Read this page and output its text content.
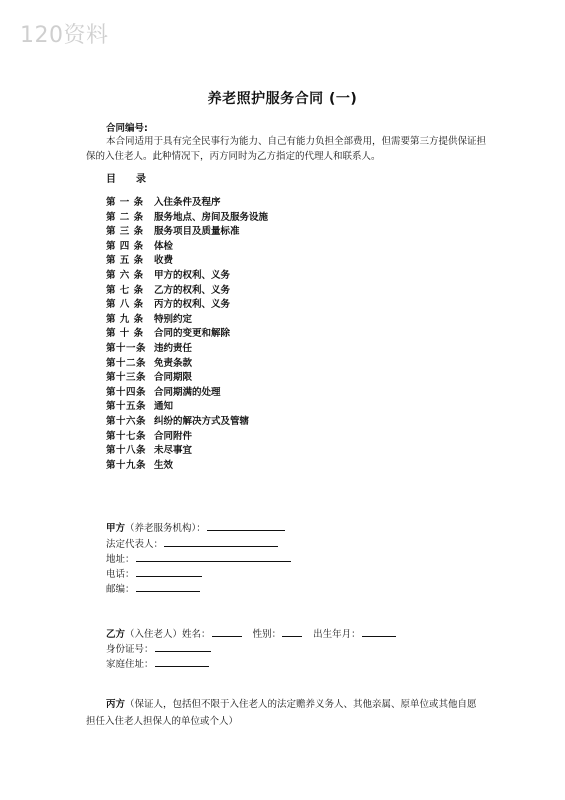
120资料
养老照护服务合同 (一)
合同编号:
本合同适用于具有完全民事行为能力、自己有能力负担全部费用，但需要第三方提供保证担保的入住老人。此种情况下，丙方同时为乙方指定的代理人和联系人。
目录
第 一 条 入住条件及程序
第 二 条 服务地点、房间及服务设施
第 三 条 服务项目及质量标准
第 四 条 体检
第 五 条 收费
第 六 条 甲方的权利、义务
第 七 条 乙方的权利、义务
第 八 条 丙方的权利、义务
第 九 条 特别约定
第 十 条 合同的变更和解除
第十一条 违约责任
第十二条 免责条款
第十三条 合同期限
第十四条 合同期满的处理
第十五条 通知
第十六条 纠纷的解决方式及管辖
第十七条 合同附件
第十八条 未尽事宜
第十九条 生效
甲方（养老服务机构）：
法定代表人：
地址：
电话：
邮编：
乙方（入住老人）姓名：	性别：	出生年月：
身份证号：
家庭住址：
丙方（保证人，包括但不限于入住老人的法定赡养义务人、其他亲属、原单位或其他自愿担任入住老人担保人的单位或个人）
